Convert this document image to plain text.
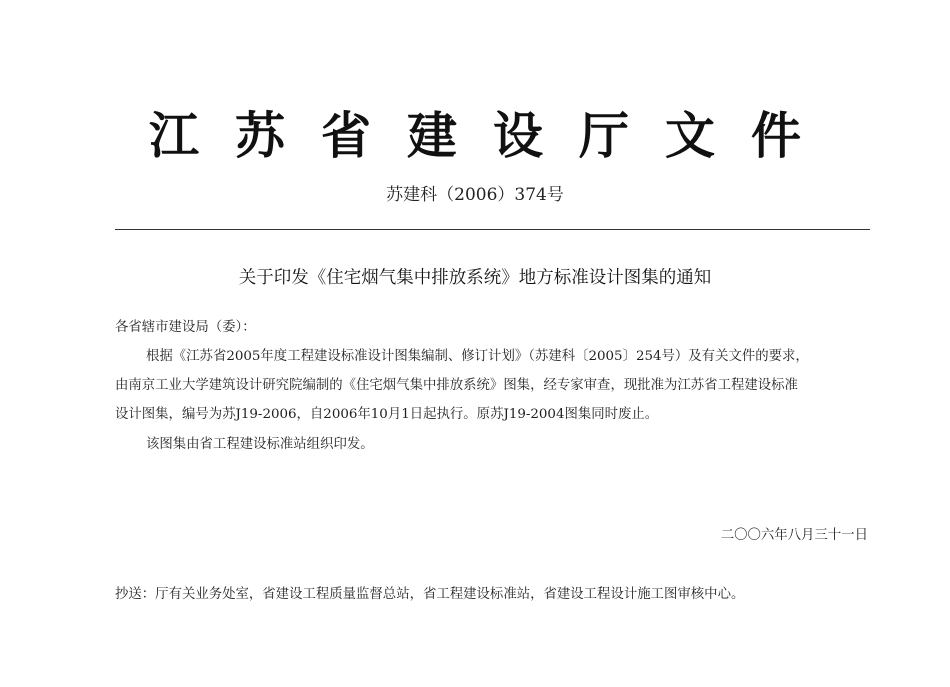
江苏省建设厅文件
苏建科（2006）374号
关于印发《住宅烟气集中排放系统》地方标准设计图集的通知
各省辖市建设局（委）：
根据《江苏省2005年度工程建设标准设计图集编制、修订计划》（苏建科〔2005〕254号）及有关文件的要求，
由南京工业大学建筑设计研究院编制的《住宅烟气集中排放系统》图集，经专家审查，现批准为江苏省工程建设标准
设计图集，编号为苏J19-2006，自2006年10月1日起执行。原苏J19-2004图集同时废止。
该图集由省工程建设标准站组织印发。
二〇〇六年八月三十一日
抄送：厅有关业务处室，省建设工程质量监督总站，省工程建设标准站，省建设工程设计施工图审核中心。
